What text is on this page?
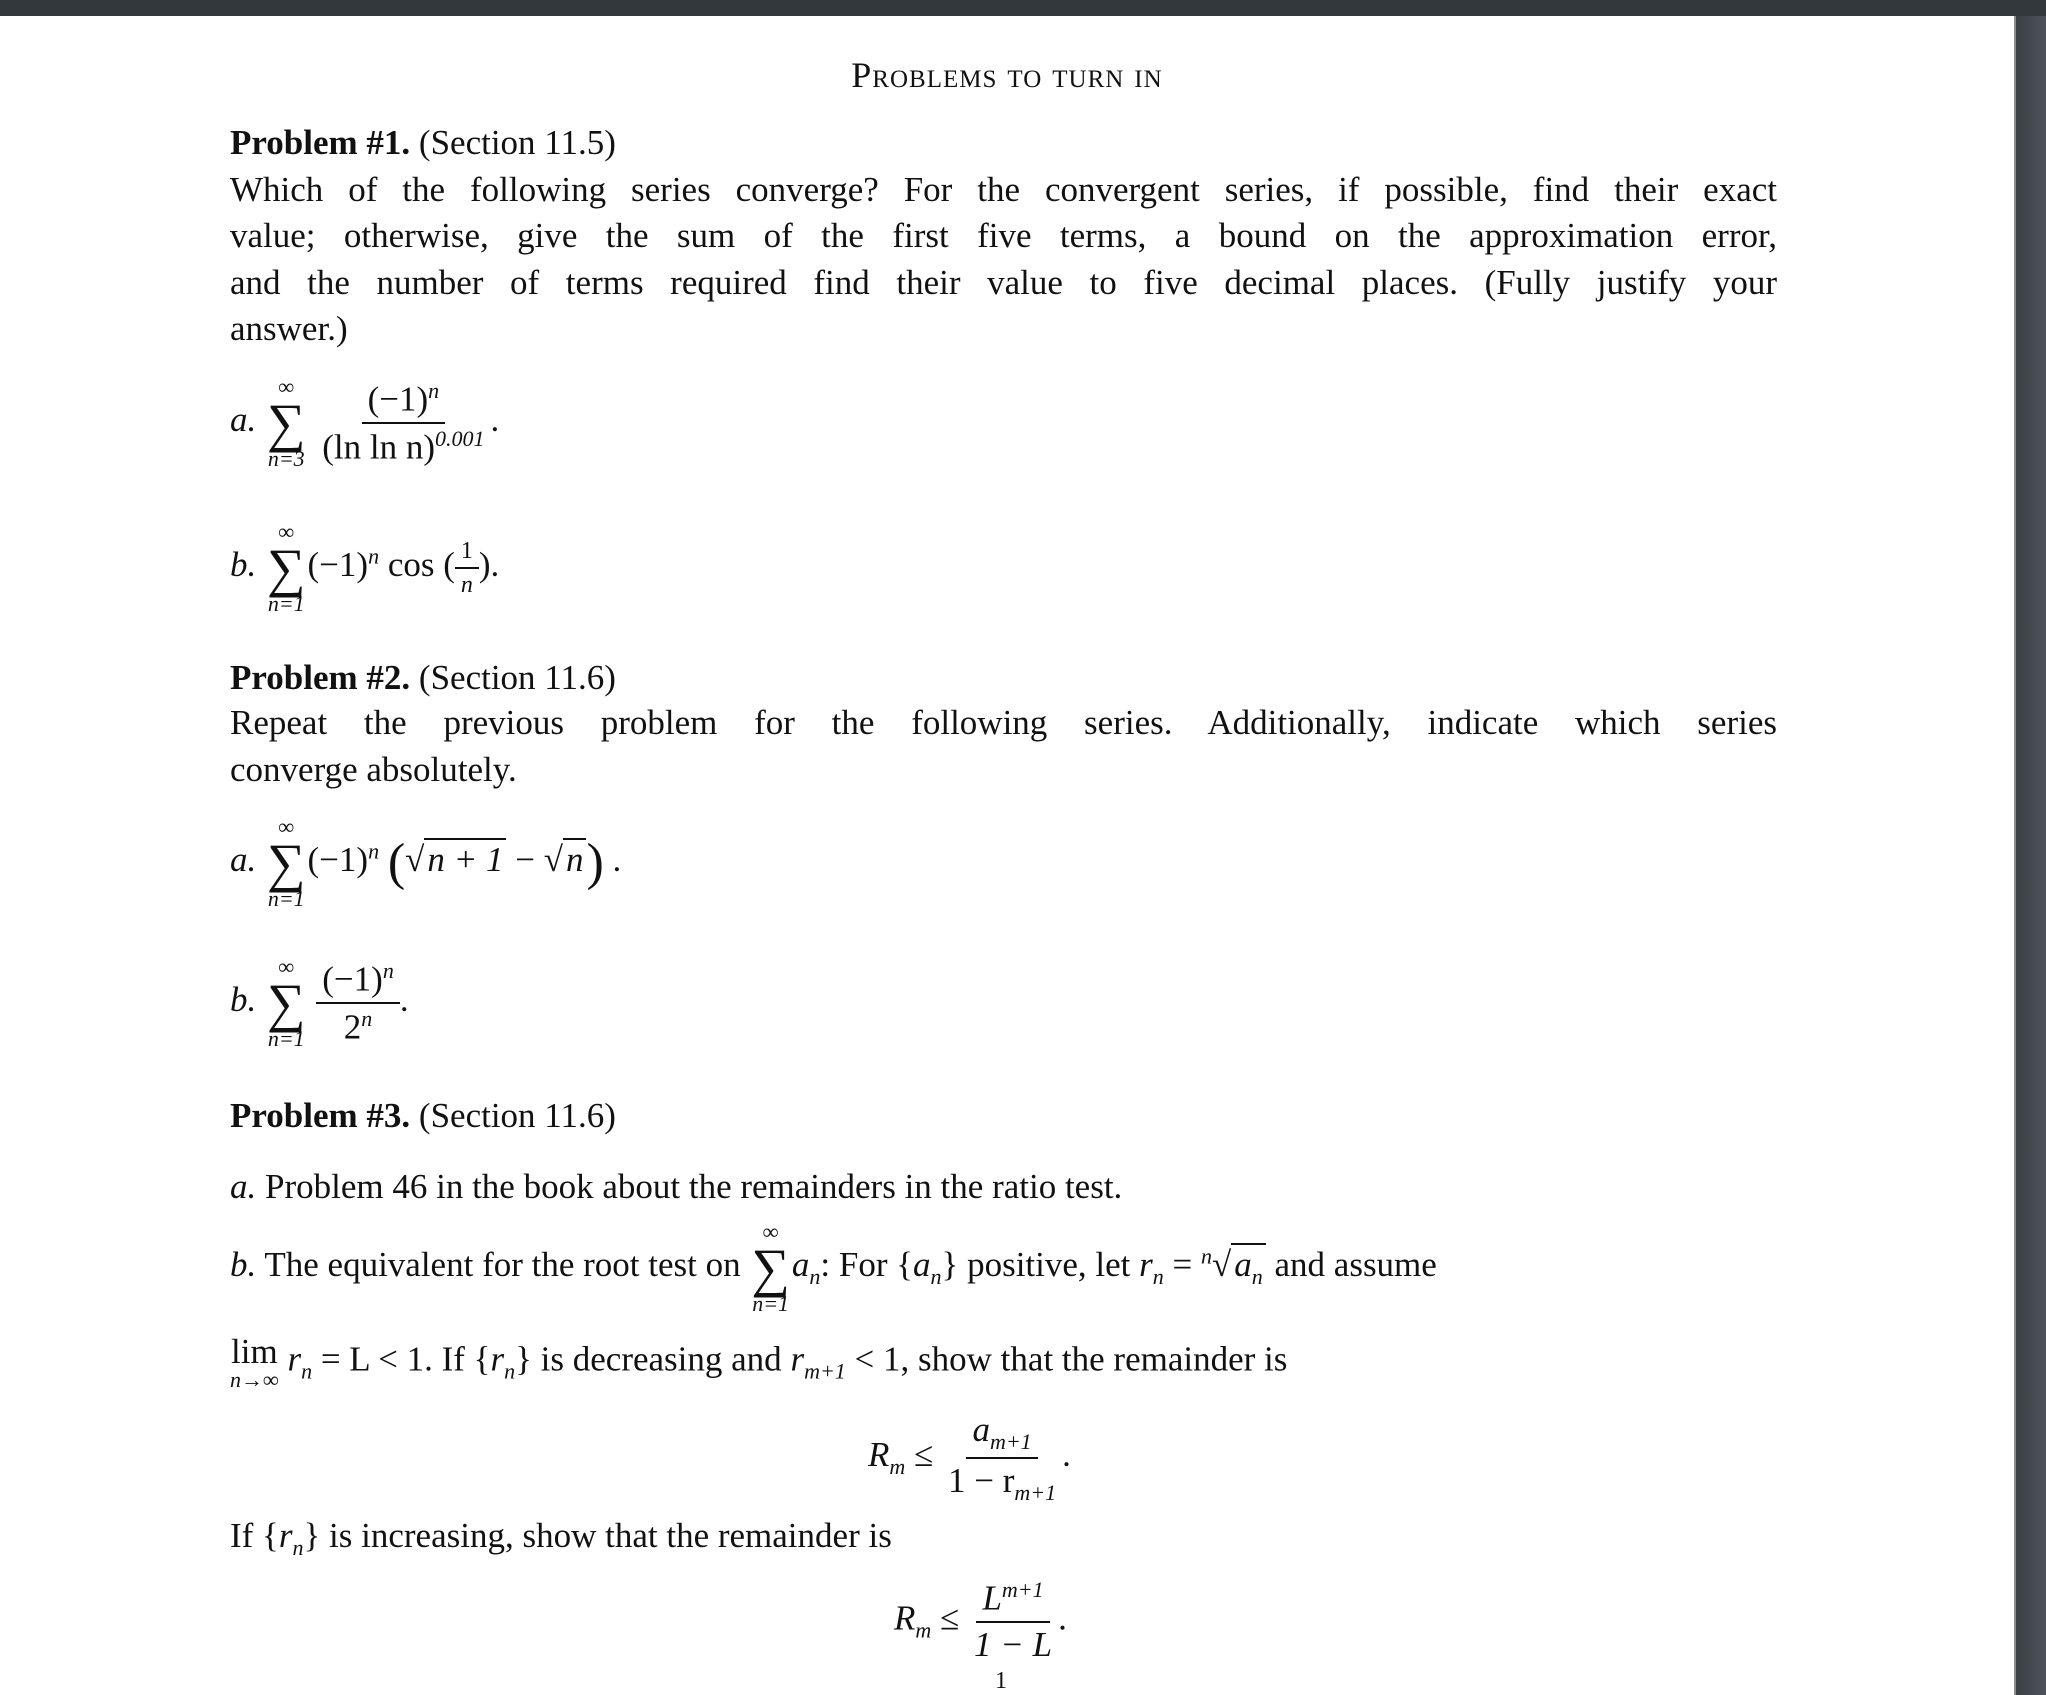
Problems to turn in
Problem #1. (Section 11.5)
Which of the following series converge? For the convergent series, if possible, find their exact
value; otherwise, give the sum of the first five terms, a bound on the approximation error,
and the number of terms required find their value to five decimal places. (Fully justify your
answer.)
a.
∞
∑
n=3
$\frac{(-1)^n}{(\ln \ln n)^{0.001}}$ .
b.
∞
∑
n=1
$(-1)^n$ cos ( $\frac{1}{n}$ ).
Problem #2. (Section 11.6)
Repeat the previous problem for the following series. Additionally, indicate which series
converge absolutely.
a.
∞
∑
n=1
$(-1)^n$ (√n + 1 − √n) .
b.
∞
∑
n=1
$\frac{(-1)^n}{2^n}$ .
Problem #3. (Section 11.6)
a. Problem 46 in the book about the remainders in the ratio test.
b. The equivalent for the root test on
∞
∑
n=1
$a_n$: For $\{a_n\}$ positive, let $r_n = ^n√a_n$ and assume
lim
n→∞
$r_n = L < 1$. If $\{r_n\}$ is decreasing and $r_{m+1} < 1$, show that the remainder is
$R_m \le \frac{a_{m+1}}{1 - r_{m+1}}$ .
If $\{r_n\}$ is increasing, show that the remainder is
$R_m \le \frac{L^{m+1}}{1 - L}$ .
1
